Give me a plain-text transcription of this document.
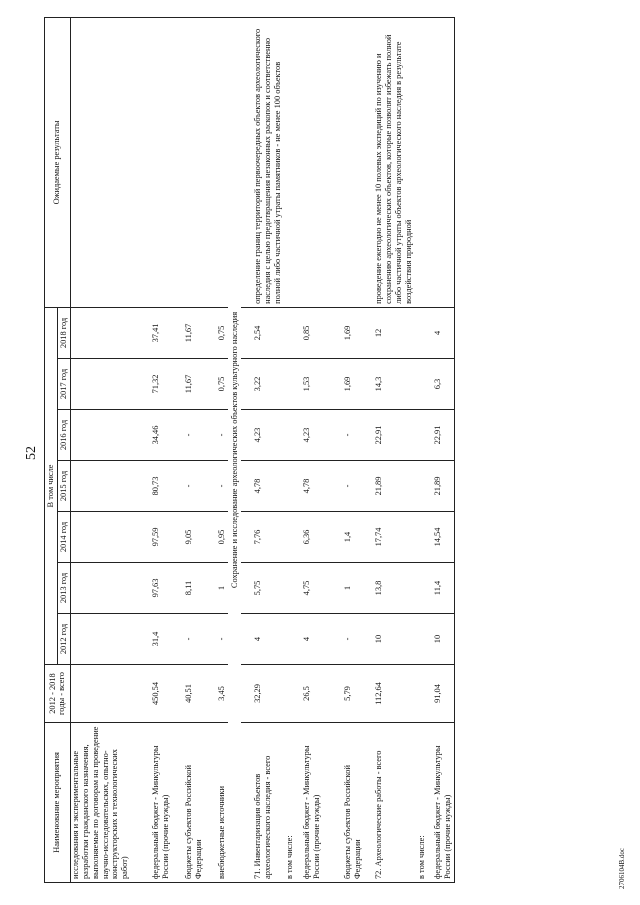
52
Наименование мероприятия	2012 - 2018 годы - всего	В том числе							Ожидаемые результаты
		2012 год	2013 год	2014 год	2015 год	2016 год	2017 год	2018 год	
исследования и экспериментальные разработки гражданского назначения, выполняемые по договорам на проведение научно-исследовательских, опытно-конструкторских и технологических работ)									
федеральный бюджет - Минкультуры России (прочие нужды)	450,54	31,4	97,63	97,59	80,73	34,46	71,32	37,41	
бюджеты субъектов Российской Федерации	40,51	-	8,11	9,05	-	-	11,67	11,67	
внебюджетные источники	3,45	-	1	0,95	-	-	0,75	0,75	
Сохранение и исследование археологических объектов культурного наследия									
71. Инвентаризация объектов археологического наследия - всего	32,29	4	5,75	7,76	4,78	4,23	3,22	2,54	определение границ территорий первоочередных объектов археологического наследия с целью предотвращения незаконных раскопок и соответственно полной либо частичной утраты памятников - не менее 100 объектов
в том числе:									
федеральный бюджет - Минкультуры России (прочие нужды)	26,5	4	4,75	6,36	4,78	4,23	1,53	0,85	
бюджеты субъектов Российской Федерации	5,79	-	1	1,4	-	-	1,69	1,69	
72. Археологические работы - всего	112,64	10	13,8	17,74	21,89	22,91	14,3	12	проведение ежегодно не менее 10 полевых экспедиций по изучению и сохранению археологических объектов, которые позволят избежать полной либо частичной утраты объектов археологического наследия в результате воздействия природной
в том числе:									
федеральный бюджет - Минкультуры России (прочие нужды)	91,04	10	11,4	14,54	21,89	22,91	6,3	4	
2706104В.doc
